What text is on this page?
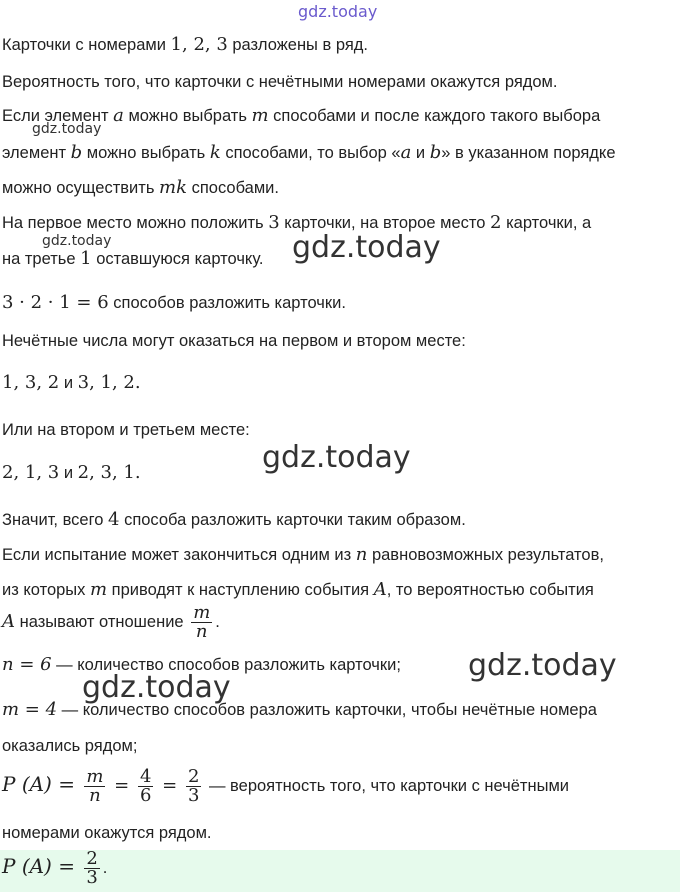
gdz.today
gdz.today
gdz.today	gdz.today
gdz.today
gdz.today
gdz.today
Карточки с номерами 1, 2, 3 разложены в ряд.
Вероятность того, что карточки с нечётными номерами окажутся рядом.
Если элемент a можно выбрать m способами и после каждого такого выбора
элемент b можно выбрать k способами, то выбор «a и b» в указанном порядке
можно осуществить mk способами.
На первое место можно положить 3 карточки, на второе место 2 карточки, а
на третье 1 оставшуюся карточку.
3 · 2 · 1 = 6 способов разложить карточки.
Нечётные числа могут оказаться на первом и втором месте:
1, 3, 2 и 3, 1, 2.
Или на втором и третьем месте:
2, 1, 3 и 2, 3, 1.
Значит, всего 4 способа разложить карточки таким образом.
Если испытание может закончиться одним из n равновозможных результатов,
из которых m приводят к наступлению события A, то вероятностью события
A называют отношение $\frac{m}{n}$ .
n = 6 — количество способов разложить карточки;
m = 4 — количество способов разложить карточки, чтобы нечётные номера
оказались рядом;
P $(A) = \frac{m}{n} = \frac{4}{6} = \frac{2}{3}$ — вероятность того, что карточки с нечётными
номерами окажутся рядом.
P $(A) = \frac{2}{3}$ .
